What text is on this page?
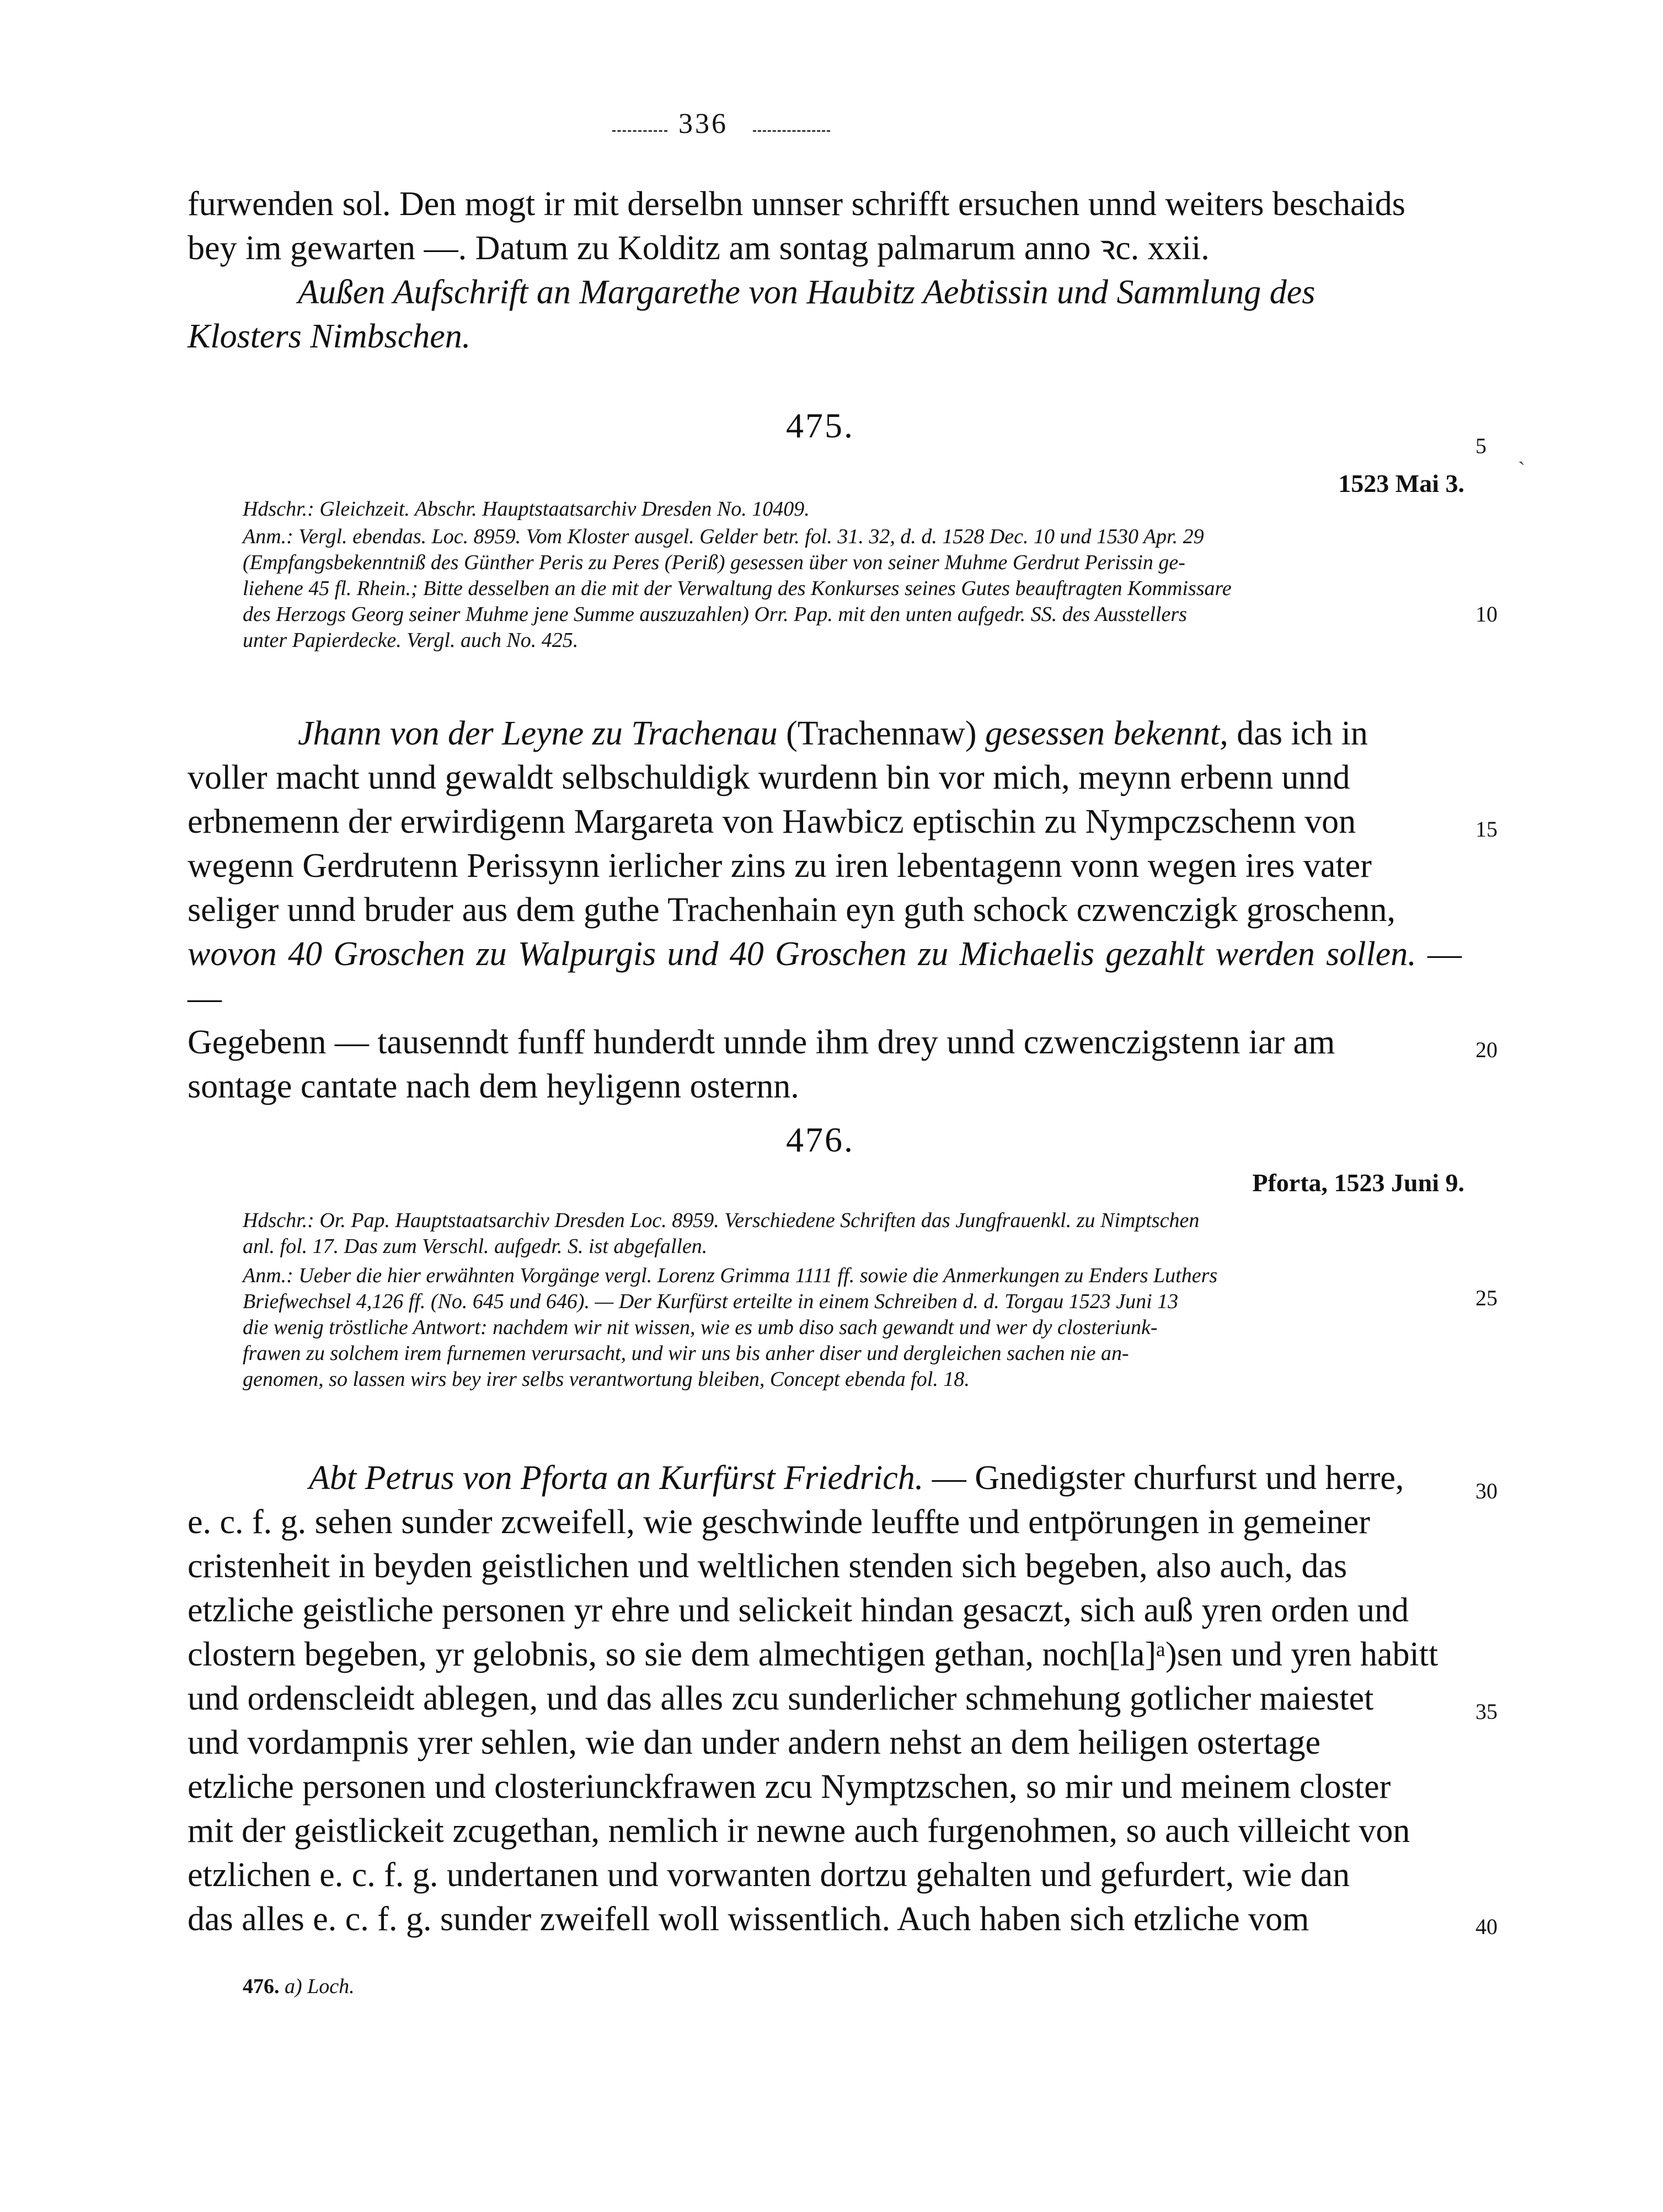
336

furwenden sol. Den mogt ir mit derselbn unnser schrifft ersuchen unnd weiters beschaids
bey im gewarten —. Datum zu Kolditz am sontag palmarum anno ꝛc. xxii.

Außen Aufschrift an Margarethe von Haubitz Aebtissin und Sammlung des
Klosters Nimbschen.

475.
5
`
1523 Mai 3.

Hdschr.: Gleichzeit. Abschr. Hauptstaatsarchiv Dresden No. 10409.

Anm.: Vergl. ebendas. Loc. 8959. Vom Kloster ausgel. Gelder betr. fol. 31. 32, d. d. 1528 Dec. 10 und 1530 Apr. 29
(Empfangsbekenntniß des Günther Peris zu Peres (Periß) gesessen über von seiner Muhme Gerdrut Perissin ge-
liehene 45 fl. Rhein.; Bitte desselben an die mit der Verwaltung des Konkurses seines Gutes beauftragten Kommissare
des Herzogs Georg seiner Muhme jene Summe auszuzahlen) Orr. Pap. mit den unten aufgedr. SS. des Ausstellers
unter Papierdecke. Vergl. auch No. 425.

10

Jhann von der Leyne zu Trachenau (Trachennaw) gesessen bekennt, das ich in
voller macht unnd gewaldt selbschuldigk wurdenn bin vor mich, meynn erbenn unnd
erbnemenn der erwirdigenn Margareta von Hawbicz eptischin zu Nympczschenn von
wegenn Gerdrutenn Perissynn ierlicher zins zu iren lebentagenn vonn wegen ires vater
seliger unnd bruder aus dem guthe Trachenhain eyn guth schock czwenczigk groschenn,
wovon 40 Groschen zu Walpurgis und 40 Groschen zu Michaelis gezahlt werden sollen. — —
Gegebenn — tausenndt funff hunderdt unnde ihm drey unnd czwenczigstenn iar am
sontage cantate nach dem heyligenn osternn.

15
20
476.
Pforta, 1523 Juni 9.

Hdschr.: Or. Pap. Hauptstaatsarchiv Dresden Loc. 8959. Verschiedene Schriften das Jungfrauenkl. zu Nimptschen
anl. fol. 17. Das zum Verschl. aufgedr. S. ist abgefallen.

Anm.: Ueber die hier erwähnten Vorgänge vergl. Lorenz Grimma 1111 ff. sowie die Anmerkungen zu Enders Luthers
Briefwechsel 4,126 ff. (No. 645 und 646). — Der Kurfürst erteilte in einem Schreiben d. d. Torgau 1523 Juni 13
die wenig tröstliche Antwort: nachdem wir nit wissen, wie es umb diso sach gewandt und wer dy closteriunk-
frawen zu solchem irem furnemen verursacht, und wir uns bis anher diser und dergleichen sachen nie an-
genomen, so lassen wirs bey irer selbs verantwortung bleiben, Concept ebenda fol. 18.

25

Abt Petrus von Pforta an Kurfürst Friedrich. — Gnedigster churfurst und herre,
e. c. f. g. sehen sunder zcweifell, wie geschwinde leuffte und entpörungen in gemeiner
cristenheit in beyden geistlichen und weltlichen stenden sich begeben, also auch, das
etzliche geistliche personen yr ehre und selickeit hindan gesaczt, sich auß yren orden und
clostern begeben, yr gelobnis, so sie dem almechtigen gethan, noch[la]ᵃ)sen und yren habitt
und ordenscleidt ablegen, und das alles zcu sunderlicher schmehung gotlicher maiestet
und vordampnis yrer sehlen, wie dan under andern nehst an dem heiligen ostertage
etzliche personen und closteriunckfrawen zcu Nymptzschen, so mir und meinem closter
mit der geistlickeit zcugethan, nemlich ir newne auch furgenohmen, so auch villeicht von
etzlichen e. c. f. g. undertanen und vorwanten dortzu gehalten und gefurdert, wie dan
das alles e. c. f. g. sunder zweifell woll wissentlich. Auch haben sich etzliche vom

30
35
40
476. a) Loch.
